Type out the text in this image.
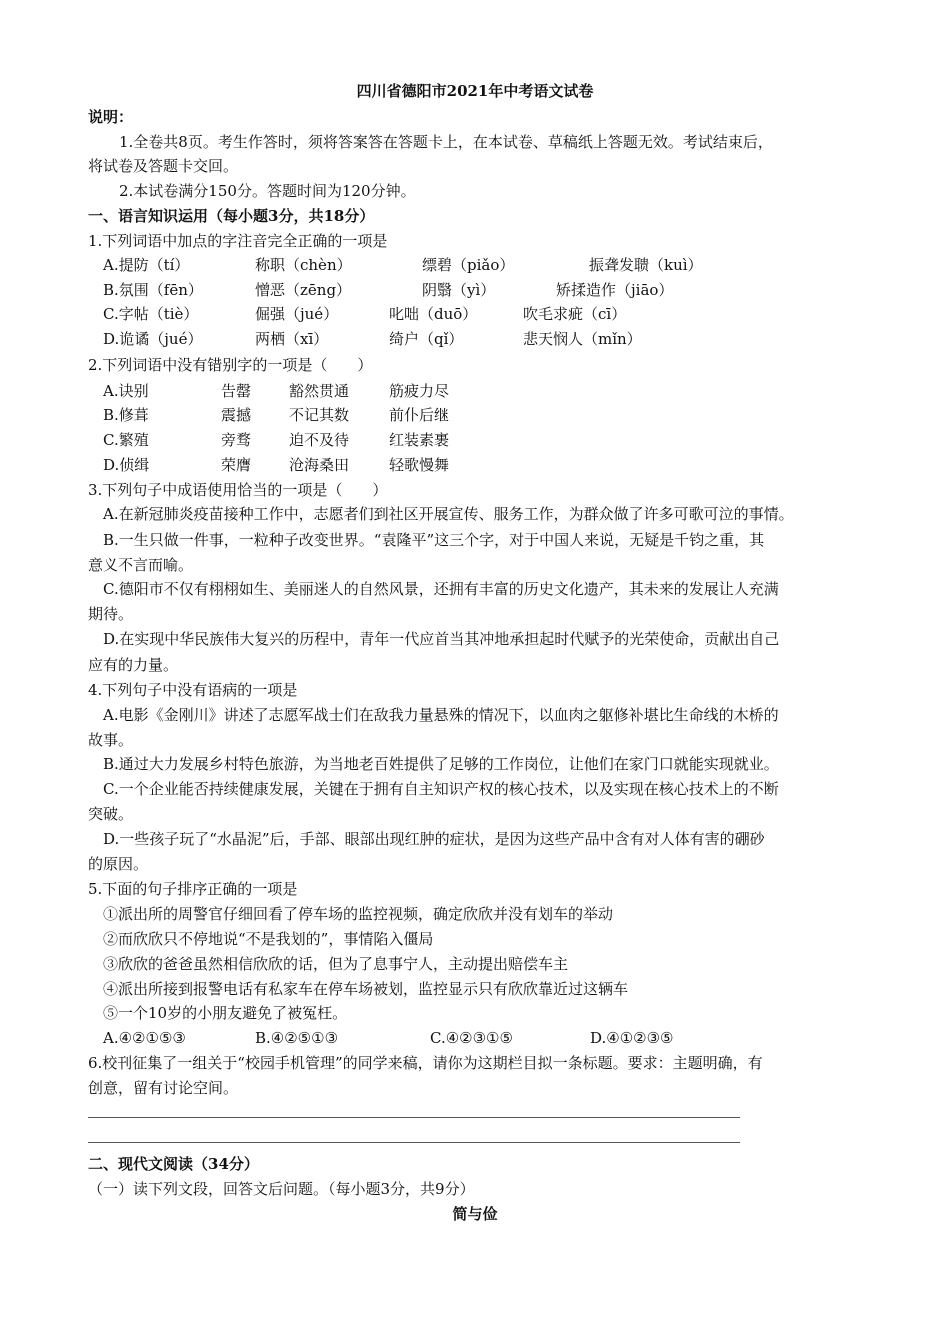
四川省德阳市2021年中考语文试卷
说明：
1.全卷共8页。考生作答时，须将答案答在答题卡上，在本试卷、草稿纸上答题无效。考试结束后，
将试卷及答题卡交回。
2.本试卷满分150分。答题时间为120分钟。
一、语言知识运用（每小题3分，共18分）
1.下列词语中加点的字注音完全正确的一项是
A.提防（tí）	称职（chèn）	缥碧（piǎo）	振聋发聩（kuì）
B.氛围（fēn）	憎恶（zēng）	阴翳（yì）	矫揉造作（jiāo）
C.字帖（tiè）	倔强（jué）	叱咄（duō）	吹毛求疵（cī）
D.诡谲（jué）	两栖（xī）	绮户（qǐ）	悲天悯人（mǐn）
2.下列词语中没有错别字的一项是（　　）
A.诀别	告罄	豁然贯通	筋疲力尽
B.修葺	震撼	不记其数	前仆后继
C.繁殖	旁骛	迫不及待	红装素裹
D.侦缉	荣膺	沧海桑田	轻歌慢舞
3.下列句子中成语使用恰当的一项是（　　）
A.在新冠肺炎疫苗接种工作中，志愿者们到社区开展宣传、服务工作，为群众做了许多可歌可泣的事情。
B.一生只做一件事，一粒种子改变世界。“袁隆平”这三个字，对于中国人来说，无疑是千钧之重，其
意义不言而喻。
C.德阳市不仅有栩栩如生、美丽迷人的自然风景，还拥有丰富的历史文化遗产，其未来的发展让人充满
期待。
D.在实现中华民族伟大复兴的历程中，青年一代应首当其冲地承担起时代赋予的光荣使命，贡献出自己
应有的力量。
4.下列句子中没有语病的一项是
A.电影《金刚川》讲述了志愿军战士们在敌我力量悬殊的情况下，以血肉之躯修补堪比生命线的木桥的
故事。
B.通过大力发展乡村特色旅游，为当地老百姓提供了足够的工作岗位，让他们在家门口就能实现就业。
C.一个企业能否持续健康发展，关键在于拥有自主知识产权的核心技术，以及实现在核心技术上的不断
突破。
D.一些孩子玩了“水晶泥”后，手部、眼部出现红肿的症状，是因为这些产品中含有对人体有害的硼砂
的原因。
5.下面的句子排序正确的一项是
①派出所的周警官仔细回看了停车场的监控视频，确定欣欣并没有划车的举动
②而欣欣只不停地说“不是我划的”，事情陷入僵局
③欣欣的爸爸虽然相信欣欣的话，但为了息事宁人，主动提出赔偿车主
④派出所接到报警电话有私家车在停车场被划，监控显示只有欣欣靠近过这辆车
⑤一个10岁的小朋友避免了被冤枉。
A.④②①⑤③	B.④②⑤①③	C.④②③①⑤	D.④①②③⑤
6.校刊征集了一组关于“校园手机管理”的同学来稿，请你为这期栏目拟一条标题。要求：主题明确，有
创意，留有讨论空间。
二、现代文阅读（34分）
（一）读下列文段，回答文后问题。（每小题3分，共9分）
简与俭
